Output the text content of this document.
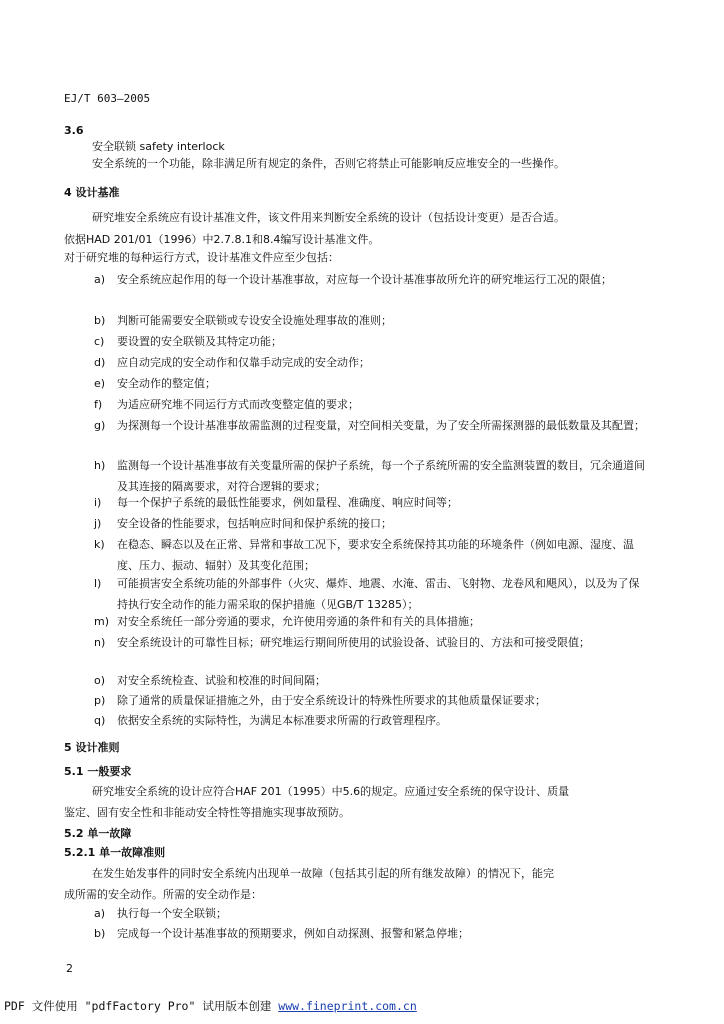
EJ/T 603—2005
3.6
安全联锁 safety interlock
安全系统的一个功能，除非满足所有规定的条件，否则它将禁止可能影响反应堆安全的一些操作。
4 设计基准
研究堆安全系统应有设计基准文件，该文件用来判断安全系统的设计（包括设计变更）是否合适。
依据HAD 201/01（1996）中2.7.8.1和8.4编写设计基准文件。
对于研究堆的每种运行方式，设计基准文件应至少包括：
a) 安全系统应起作用的每一个设计基准事故，对应每一个设计基准事故所允许的研究堆运行工况的限值；
b) 判断可能需要安全联锁或专设安全设施处理事故的准则；
c) 要设置的安全联锁及其特定功能；
d) 应自动完成的安全动作和仅靠手动完成的安全动作；
e) 安全动作的整定值；
f) 为适应研究堆不同运行方式而改变整定值的要求；
g) 为探测每一个设计基准事故需监测的过程变量，对空间相关变量，为了安全所需探测器的最低数量及其配置；
h) 监测每一个设计基准事故有关变量所需的保护子系统，每一个子系统所需的安全监测装置的数目，冗余通道间及其连接的隔离要求，对符合逻辑的要求；
i) 每一个保护子系统的最低性能要求，例如量程、准确度、响应时间等；
j) 安全设备的性能要求，包括响应时间和保护系统的接口；
k) 在稳态、瞬态以及在正常、异常和事故工况下，要求安全系统保持其功能的环境条件（例如电源、湿度、温度、压力、振动、辐射）及其变化范围；
l) 可能损害安全系统功能的外部事件（火灾、爆炸、地震、水淹、雷击、飞射物、龙卷风和飓风），以及为了保持执行安全动作的能力需采取的保护措施（见GB/T 13285）；
m) 对安全系统任一部分旁通的要求，允许使用旁通的条件和有关的具体措施；
n) 安全系统设计的可靠性目标；研究堆运行期间所使用的试验设备、试验目的、方法和可接受限值；
o) 对安全系统检查、试验和校准的时间间隔；
p) 除了通常的质量保证措施之外，由于安全系统设计的特殊性所要求的其他质量保证要求；
q) 依据安全系统的实际特性，为满足本标准要求所需的行政管理程序。
5 设计准则
5.1 一般要求
研究堆安全系统的设计应符合HAF 201（1995）中5.6的规定。应通过安全系统的保守设计、质量
鉴定、固有安全性和非能动安全特性等措施实现事故预防。
5.2 单一故障
5.2.1 单一故障准则
在发生始发事件的同时安全系统内出现单一故障（包括其引起的所有继发故障）的情况下，能完
成所需的安全动作。所需的安全动作是：
a) 执行每一个安全联锁；
b) 完成每一个设计基准事故的预期要求，例如自动探测、报警和紧急停堆；
2
PDF 文件使用 "pdfFactory Pro" 试用版本创建 www.fineprint.com.cn
